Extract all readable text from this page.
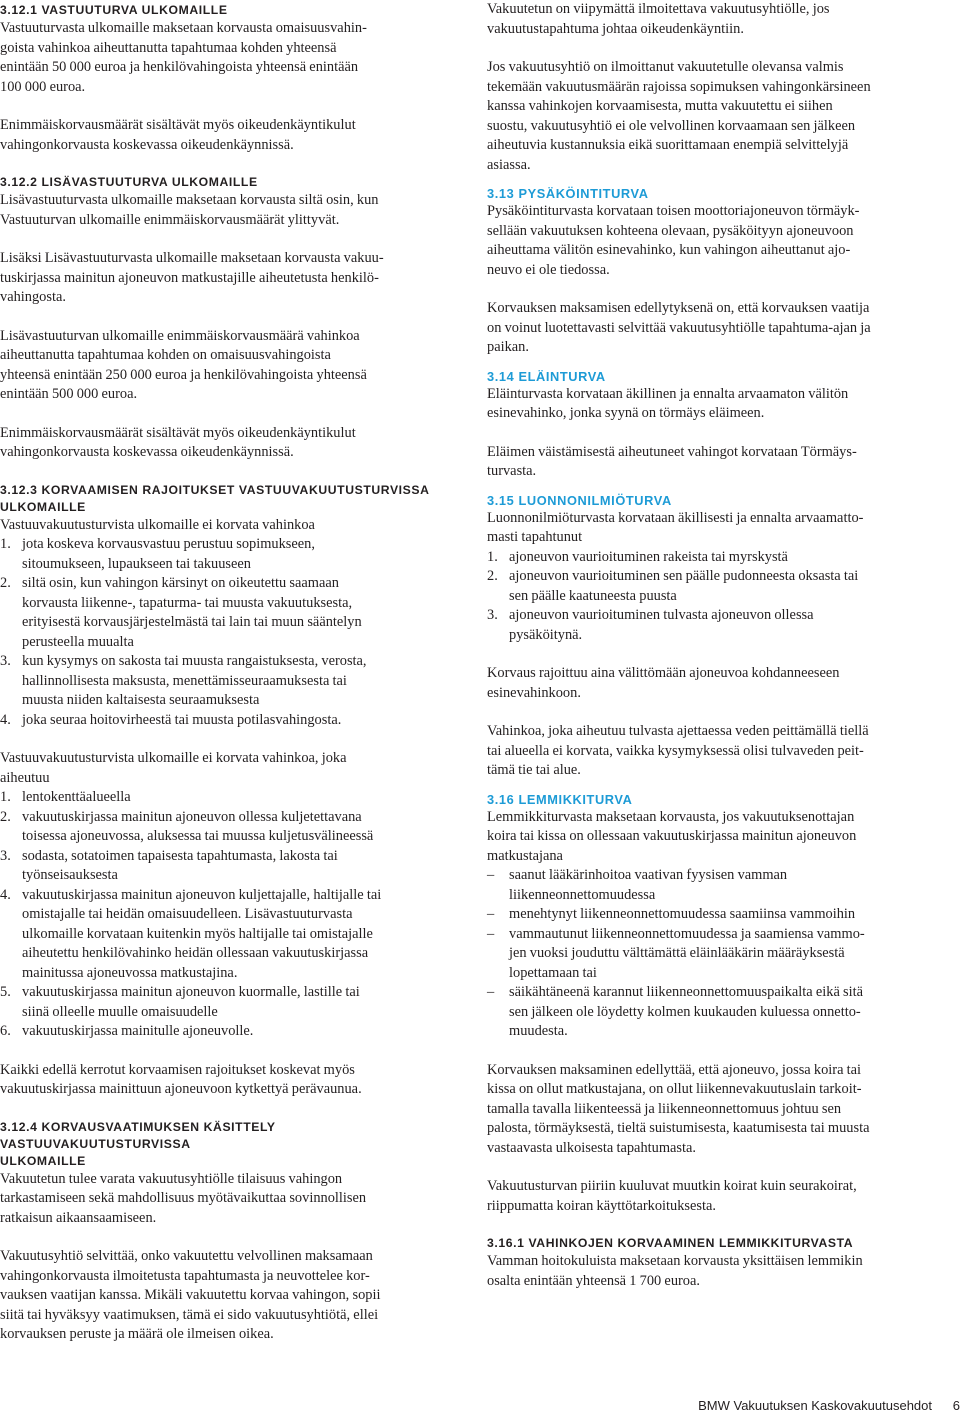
3.12.1 VASTUUTURVA ULKOMAILLE

Vastuuturvasta ulkomaille maksetaan korvausta omaisuusvahin-
goista vahinkoa aiheuttanutta tapahtumaa kohden yhteensä
enintään 50 000 euroa ja henkilövahingoista yhteensä enintään
100 000 euroa.

Enimmäiskorvausmäärät sisältävät myös oikeudenkäyntikulut
vahingonkorvausta koskevassa oikeudenkäynnissä.

3.12.2 LISÄVASTUUTURVA ULKOMAILLE

Lisävastuuturvasta ulkomaille maksetaan korvausta siltä osin, kun
Vastuuturvan ulkomaille enimmäiskorvausmäärät ylittyvät.

Lisäksi Lisävastuuturvasta ulkomaille maksetaan korvausta vakuu-
tuskirjassa mainitun ajoneuvon matkustajille aiheutetusta henkilö-
vahingosta.

Lisävastuuturvan ulkomaille enimmäiskorvausmäärä vahinkoa
aiheuttanutta tapahtumaa kohden on omaisuusvahingoista
yhteensä enintään 250 000 euroa ja henkilövahingoista yhteensä
enintään 500 000 euroa.

Enimmäiskorvausmäärät sisältävät myös oikeudenkäyntikulut
vahingonkorvausta koskevassa oikeudenkäynnissä.

3.12.3 KORVAAMISEN RAJOITUKSET VASTUUVAKUUTUSTURVISSA
ULKOMAILLE

Vastuuvakuutusturvista ulkomaille ei korvata vahinkoa

1. jota koskeva korvausvastuu perustuu sopimukseen,
sitoumukseen, lupaukseen tai takuuseen

2. siltä osin, kun vahingon kärsinyt on oikeutettu saamaan
korvausta liikenne-, tapaturma- tai muusta vakuutuksesta,
erityisestä korvausjärjestelmästä tai lain tai muun sääntelyn
perusteella muualta

3. kun kysymys on sakosta tai muusta rangaistuksesta, verosta,
hallinnollisesta maksusta, menettämisseuraamuksesta tai
muusta niiden kaltaisesta seuraamuksesta

4. joka seuraa hoitovirheestä tai muusta potilasvahingosta.

Vastuuvakuutusturvista ulkomaille ei korvata vahinkoa, joka
aiheutuu

1. lentokenttäalueella

2. vakuutuskirjassa mainitun ajoneuvon ollessa kuljetettavana
toisessa ajoneuvossa, aluksessa tai muussa kuljetusvälineessä

3. sodasta, sotatoimen tapaisesta tapahtumasta, lakosta tai
työnseisauksesta

4. vakuutuskirjassa mainitun ajoneuvon kuljettajalle, haltijalle tai
omistajalle tai heidän omaisuudelleen. Lisävastuuturvasta
ulkomaille korvataan kuitenkin myös haltijalle tai omistajalle
aiheutettu henkilövahinko heidän ollessaan vakuutuskirjassa
mainitussa ajoneuvossa matkustajina.

5. vakuutuskirjassa mainitun ajoneuvon kuormalle, lastille tai
siinä olleelle muulle omaisuudelle

6. vakuutuskirjassa mainitulle ajoneuvolle.

Kaikki edellä kerrotut korvaamisen rajoitukset koskevat myös
vakuutuskirjassa mainittuun ajoneuvoon kytkettyä perävaunua.

3.12.4 KORVAUSVAATIMUKSEN KÄSITTELY VASTUUVAKUUTUSTURVISSA
ULKOMAILLE

Vakuutetun tulee varata vakuutusyhtiölle tilaisuus vahingon
tarkastamiseen sekä mahdollisuus myötävaikuttaa sovinnollisen
ratkaisun aikaansaamiseen.

Vakuutusyhtiö selvittää, onko vakuutettu velvollinen maksamaan
vahingonkorvausta ilmoitetusta tapahtumasta ja neuvottelee kor-
vauksen vaatijan kanssa. Mikäli vakuutettu korvaa vahingon, sopii
siitä tai hyväksyy vaatimuksen, tämä ei sido vakuutusyhtiötä, ellei
korvauksen peruste ja määrä ole ilmeisen oikea.

Vakuutetun on viipymättä ilmoitettava vakuutusyhtiölle, jos
vakuutustapahtuma johtaa oikeudenkäyntiin.

Jos vakuutusyhtiö on ilmoittanut vakuutetulle olevansa valmis
tekemään vakuutusmäärän rajoissa sopimuksen vahingonkärsineen
kanssa vahinkojen korvaamisesta, mutta vakuutettu ei siihen
suostu, vakuutusyhtiö ei ole velvollinen korvaamaan sen jälkeen
aiheutuvia kustannuksia eikä suorittamaan enempiä selvittelyjä
asiassa.

3.13 PYSÄKÖINTITURVA

Pysäköintiturvasta korvataan toisen moottoriajoneuvon törmäyk-
sellään vakuutuksen kohteena olevaan, pysäköityyn ajoneuvoon
aiheuttama välitön esinevahinko, kun vahingon aiheuttanut ajo-
neuvo ei ole tiedossa.

Korvauksen maksamisen edellytyksenä on, että korvauksen vaatija
on voinut luotettavasti selvittää vakuutusyhtiölle tapahtuma-ajan ja
paikan.

3.14 ELÄINTURVA

Eläinturvasta korvataan äkillinen ja ennalta arvaamaton välitön
esinevahinko, jonka syynä on törmäys eläimeen.

Eläimen väistämisestä aiheutuneet vahingot korvataan Törmäys-
turvasta.

3.15 LUONNONILMIÖTURVA

Luonnonilmiöturvasta korvataan äkillisesti ja ennalta arvaamatto-
masti tapahtunut

1. ajoneuvon vaurioituminen rakeista tai myrskystä

2. ajoneuvon vaurioituminen sen päälle pudonneesta oksasta tai
sen päälle kaatuneesta puusta

3. ajoneuvon vaurioituminen tulvasta ajoneuvon ollessa
pysäköitynä.

Korvaus rajoittuu aina välittömään ajoneuvoa kohdanneeseen
esinevahinkoon.

Vahinkoa, joka aiheutuu tulvasta ajettaessa veden peittämällä tiellä
tai alueella ei korvata, vaikka kysymyksessä olisi tulvaveden peit-
tämä tie tai alue.

3.16 LEMMIKKITURVA

Lemmikkiturvasta maksetaan korvausta, jos vakuutuksenottajan
koira tai kissa on ollessaan vakuutuskirjassa mainitun ajoneuvon
matkustajana

– saanut lääkärinhoitoa vaativan fyysisen vamman
liikenneonnettomuudessa

– menehtynyt liikenneonnettomuudessa saamiinsa vammoihin

– vammautunut liikenneonnettomuudessa ja saamiensa vammo-
jen vuoksi jouduttu välttämättä eläinlääkärin määräyksestä
lopettamaan tai

– säikähtäneenä karannut liikenneonnettomuuspaikalta eikä sitä
sen jälkeen ole löydetty kolmen kuukauden kuluessa onnetto-
muudesta.

Korvauksen maksaminen edellyttää, että ajoneuvo, jossa koira tai
kissa on ollut matkustajana, on ollut liikennevakuutuslain tarkoit-
tamalla tavalla liikenteessä ja liikenneonnettomuus johtuu sen
palosta, törmäyksestä, tieltä suistumisesta, kaatumisesta tai muusta
vastaavasta ulkoisesta tapahtumasta.

Vakuutusturvan piiriin kuuluvat muutkin koirat kuin seurakoirat,
riippumatta koiran käyttötarkoituksesta.

3.16.1 VAHINKOJEN KORVAAMINEN LEMMIKKITURVASTA

Vamman hoitokuluista maksetaan korvausta yksittäisen lemmikin
osalta enintään yhteensä 1 700 euroa.

BMW Vakuutuksen Kaskovakuutusehdot 6
